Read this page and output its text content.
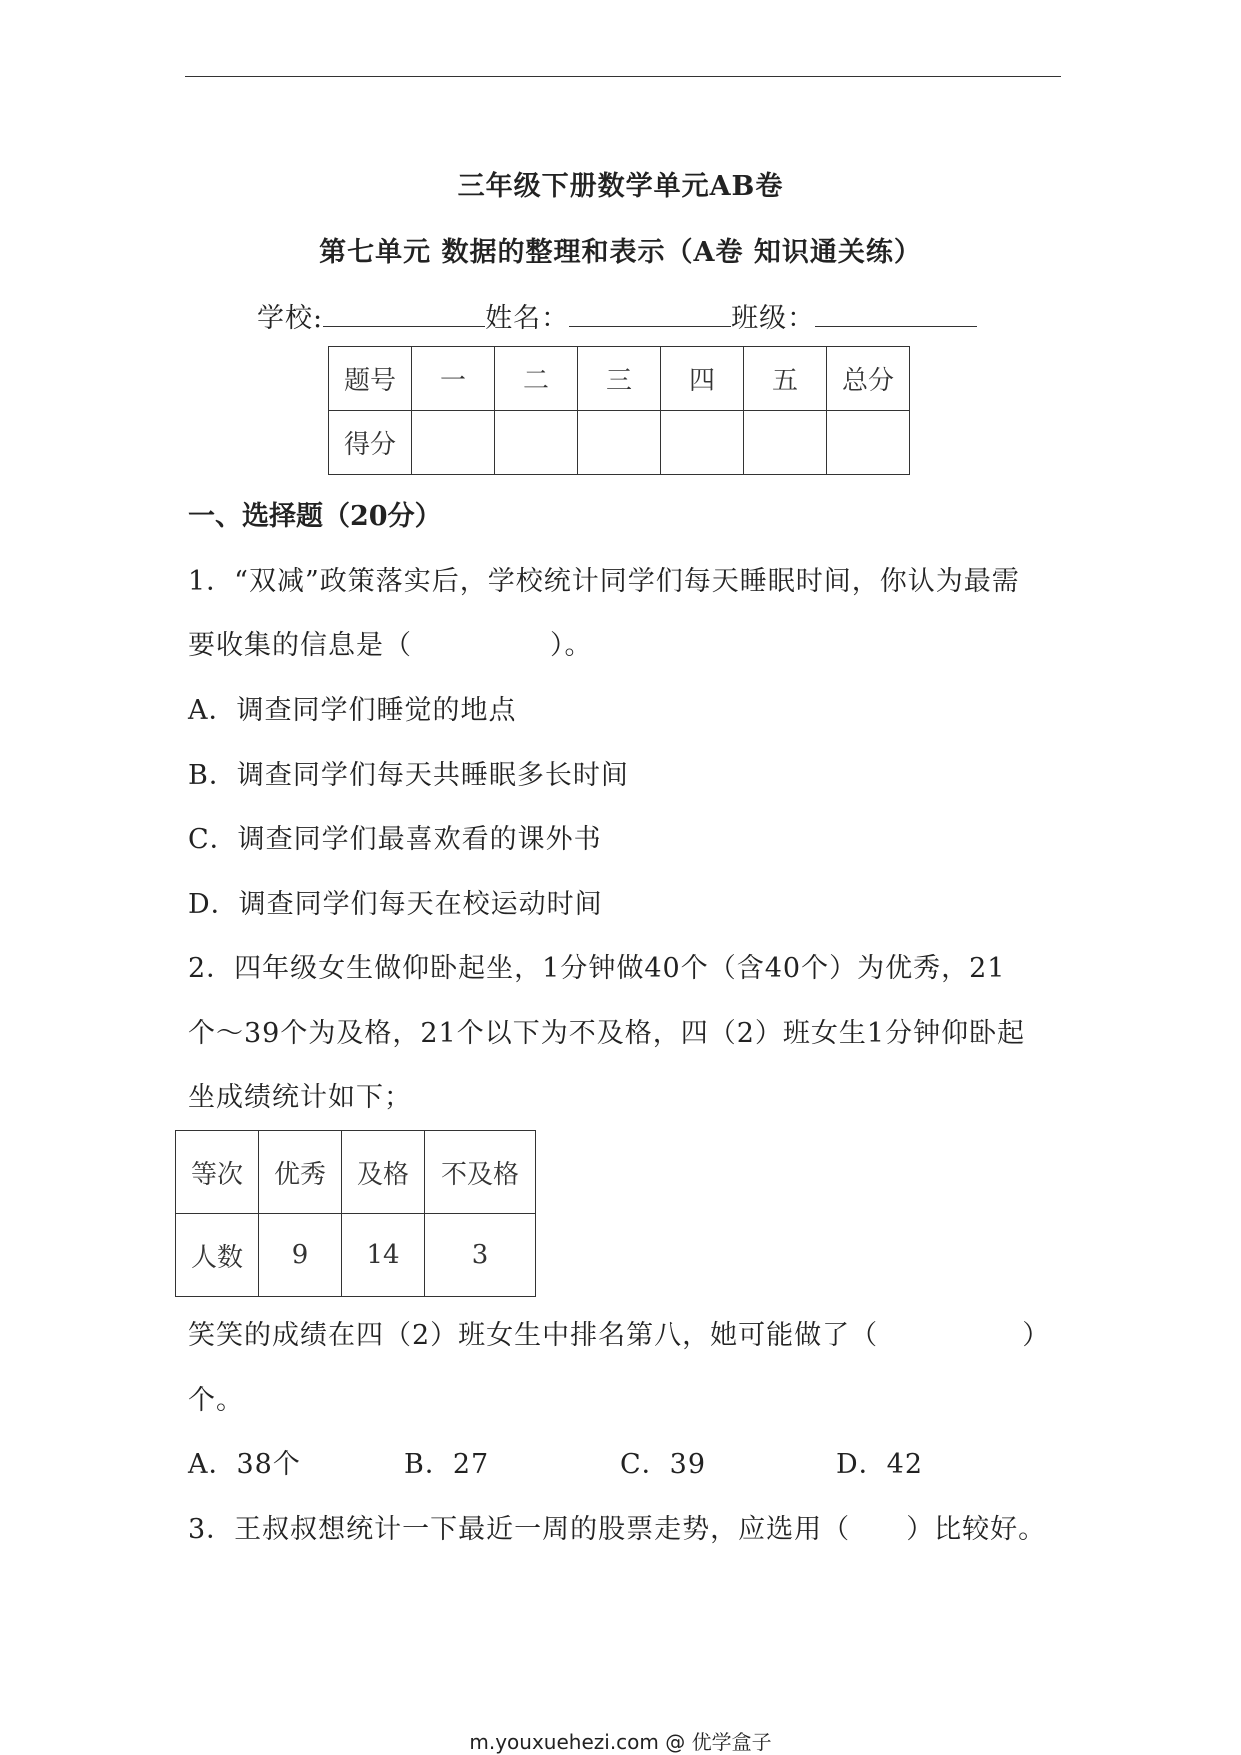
三年级下册数学单元AB卷
第七单元 数据的整理和表示（A卷 知识通关练）
学校:	姓名：	班级：
题号	一	二	三	四	五	总分
得分						
一、选择题（20分）
1．“双减”政策落实后，学校统计同学们每天睡眠时间，你认为最需
要收集的信息是（	）。
A．调查同学们睡觉的地点
B．调查同学们每天共睡眠多长时间
C．调查同学们最喜欢看的课外书
D．调查同学们每天在校运动时间
2．四年级女生做仰卧起坐，1分钟做40个（含40个）为优秀，21
个～39个为及格，21个以下为不及格，四（2）班女生1分钟仰卧起
坐成绩统计如下；
等次	优秀	及格	不及格
人数	9	14	3
笑笑的成绩在四（2）班女生中排名第八，她可能做了（	）
个。
A．38个	B．27	C．39	D．42
3．王叔叔想统计一下最近一周的股票走势，应选用（ ）比较好。
m.youxuehezi.com @ 优学盒子
